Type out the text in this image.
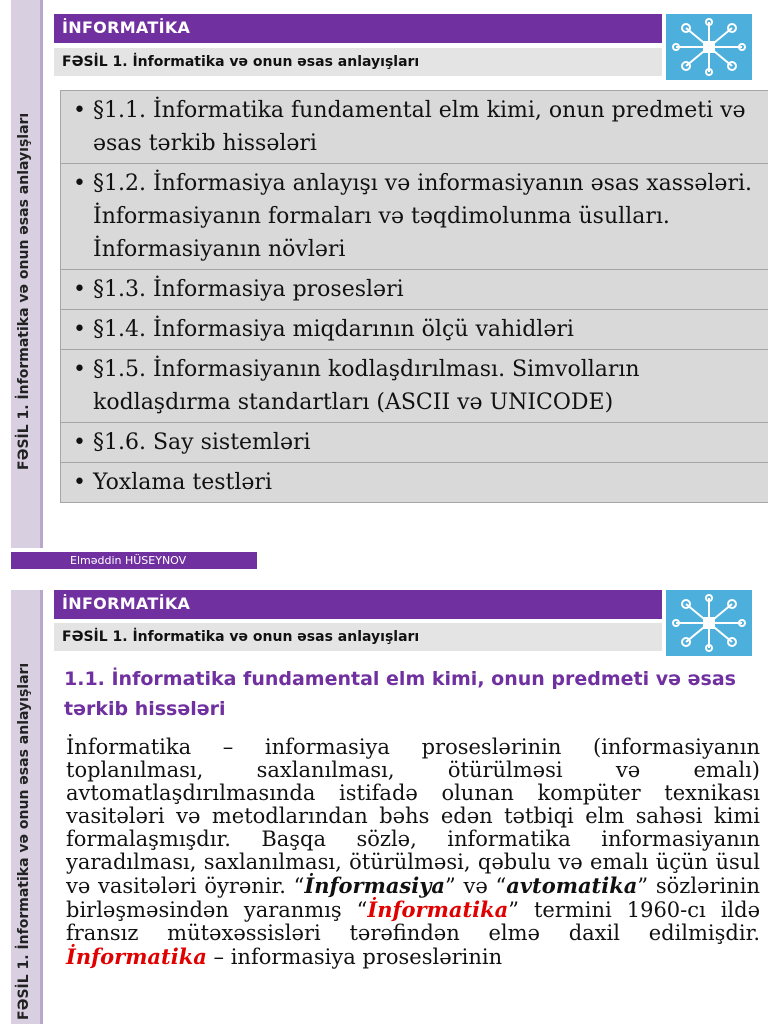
FƏSİL 1. İnformatika və onun əsas anlayışları
İNFORMATİKA
FƏSİL 1. İnformatika və onun əsas anlayışları
• §1.1. İnformatika fundamental elm kimi, onun predmeti və əsas tərkib hissələri
• §1.2. İnformasiya anlayışı və informasiyanın əsas xassələri. İnformasiyanın formaları və təqdimolunma üsulları. İnformasiyanın növləri
• §1.3. İnformasiya prosesləri
• §1.4. İnformasiya miqdarının ölçü vahidləri
• §1.5. İnformasiyanın kodlaşdırılması. Simvolların kodlaşdırma standartları (ASCII və UNICODE)
• §1.6. Say sistemləri
• Yoxlama testləri
Elməddin HÜSEYNOV
FƏSİL 1. İnformatika və onun əsas anlayışları
İNFORMATİKA
FƏSİL 1. İnformatika və onun əsas anlayışları
1.1. İnformatika fundamental elm kimi, onun predmeti və əsas tərkib hissələri
İnformatika – informasiya proseslərinin (informasiyanın toplanılması, saxlanılması, ötürülməsi və emalı) avtomatlaşdırılmasında istifadə olunan kompüter texnikası vasitələri və metodlarından bəhs edən tətbiqi elm sahəsi kimi formalaşmışdır. Başqa sözlə, informatika informasiyanın yaradılması, saxlanılması, ötürülməsi, qəbulu və emalı üçün üsul və vasitələri öyrənir. “İnformasiya” və “avtomatika” sözlərinin birləşməsindən yaranmış “İnformatika” termini 1960-cı ildə fransız mütəxəssisləri tərəfindən elmə daxil edilmişdir. İnformatika – informasiya proseslərinin
